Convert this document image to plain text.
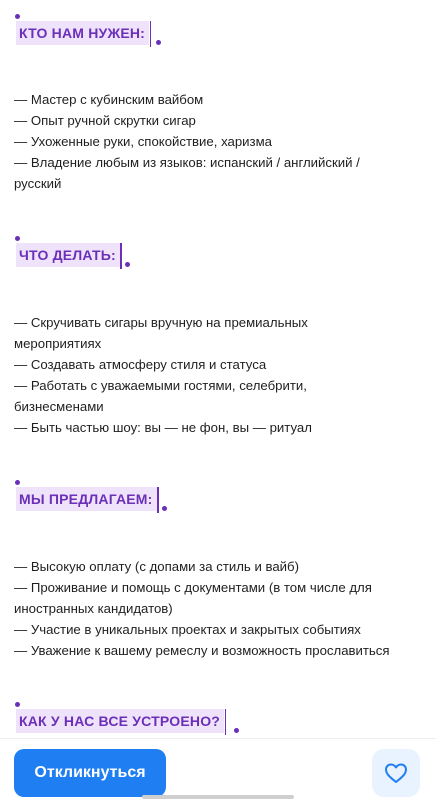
КТО НАМ НУЖЕН:
— Мастер с кубинским вайбом
— Опыт ручной скрутки сигар
— Ухоженные руки, спокойствие, харизма
— Владение любым из языков: испанский / английский / русский
ЧТО ДЕЛАТЬ:
— Скручивать сигары вручную на премиальных мероприятиях
— Создавать атмосферу стиля и статуса
— Работать с уважаемыми гостями, селебрити, бизнесменами
— Быть частью шоу: вы — не фон, вы — ритуал
МЫ ПРЕДЛАГАЕМ:
— Высокую оплату (с допами за стиль и вайб)
— Проживание и помощь с документами (в том числе для иностранных кандидатов)
— Участие в уникальных проектах и закрытых событиях
— Уважение к вашему ремеслу и возможность прославиться
КАК У НАС ВСЕ УСТРОЕНО?
Откликнуться
